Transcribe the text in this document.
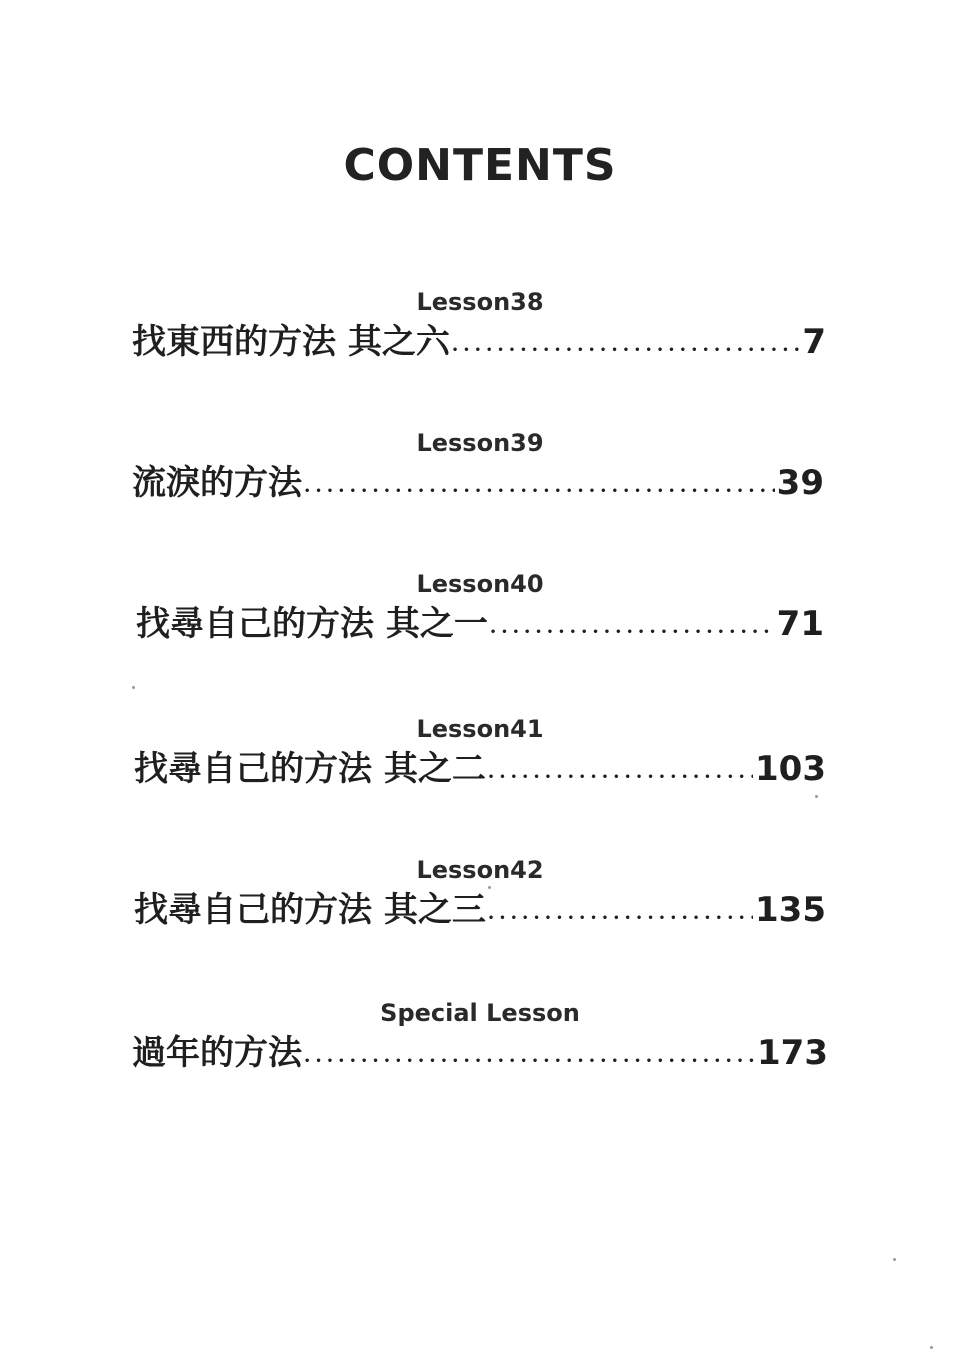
CONTENTS
Lesson38
找東西的方法 其之六 •••••	7
Lesson39
流淚的方法 •••••	39
Lesson40
找尋自己的方法 其之一 •••••	71
Lesson41
找尋自己的方法 其之二 •••••	103
Lesson42
找尋自己的方法 其之三 •••••	135
Special Lesson
過年的方法 •••••	173
